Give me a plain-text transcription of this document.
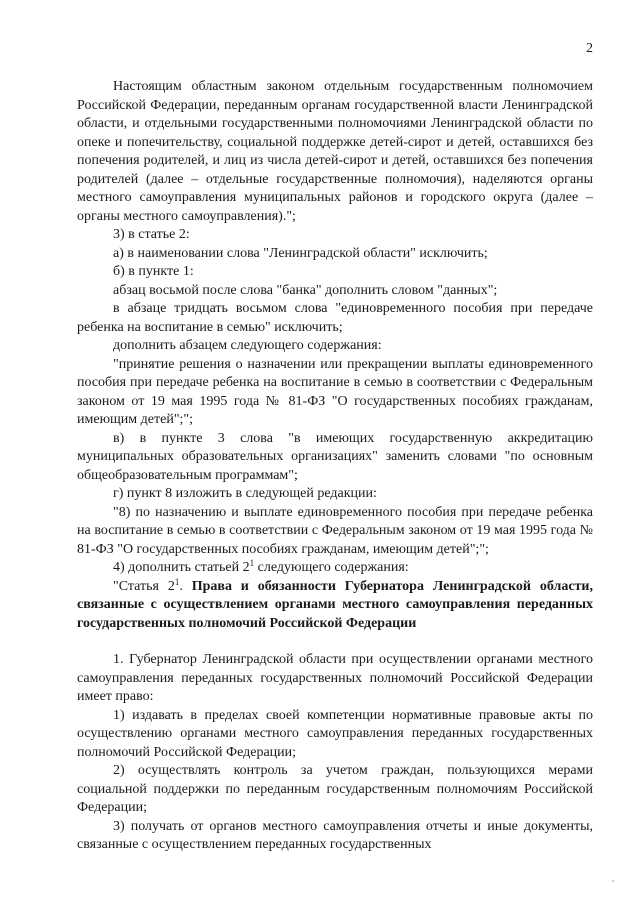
2

Настоящим областным законом отдельным государственным полномочием Российской Федерации, переданным органам государственной власти Ленинградской области, и отдельными государственными полномочиями Ленинградской области по опеке и попечительству, социальной поддержке детей-сирот и детей, оставшихся без попечения родителей, и лиц из числа детей-сирот и детей, оставшихся без попечения родителей (далее – отдельные государственные полномочия), наделяются органы местного самоуправления муниципальных районов и городского округа (далее – органы местного самоуправления).";

3) в статье 2:

а) в наименовании слова "Ленинградской области" исключить;

б) в пункте 1:

абзац восьмой после слова "банка" дополнить словом "данных";

в абзаце тридцать восьмом слова "единовременного пособия при передаче ребенка на воспитание в семью" исключить;

дополнить абзацем следующего содержания:

"принятие решения о назначении или прекращении выплаты единовременного пособия при передаче ребенка на воспитание в семью в соответствии с Федеральным законом от 19 мая 1995 года № 81-ФЗ "О государственных пособиях гражданам, имеющим детей";";

в) в пункте 3 слова "в имеющих государственную аккредитацию муниципальных образовательных организациях" заменить словами "по основным общеобразовательным программам";

г) пункт 8 изложить в следующей редакции:

"8) по назначению и выплате единовременного пособия при передаче ребенка на воспитание в семью в соответствии с Федеральным законом от 19 мая 1995 года № 81-ФЗ "О государственных пособиях гражданам, имеющим детей";";

4) дополнить статьей $2^1$ следующего содержания:

"Статья $2^1$. Права и обязанности Губернатора Ленинградской области, связанные с осуществлением органами местного самоуправления переданных государственных полномочий Российской Федерации

1. Губернатор Ленинградской области при осуществлении органами местного самоуправления переданных государственных полномочий Российской Федерации имеет право:

1) издавать в пределах своей компетенции нормативные правовые акты по осуществлению органами местного самоуправления переданных государственных полномочий Российской Федерации;

2) осуществлять контроль за учетом граждан, пользующихся мерами социальной поддержки по переданным государственным полномочиям Российской Федерации;

3) получать от органов местного самоуправления отчеты и иные документы, связанные с осуществлением переданных государственных
